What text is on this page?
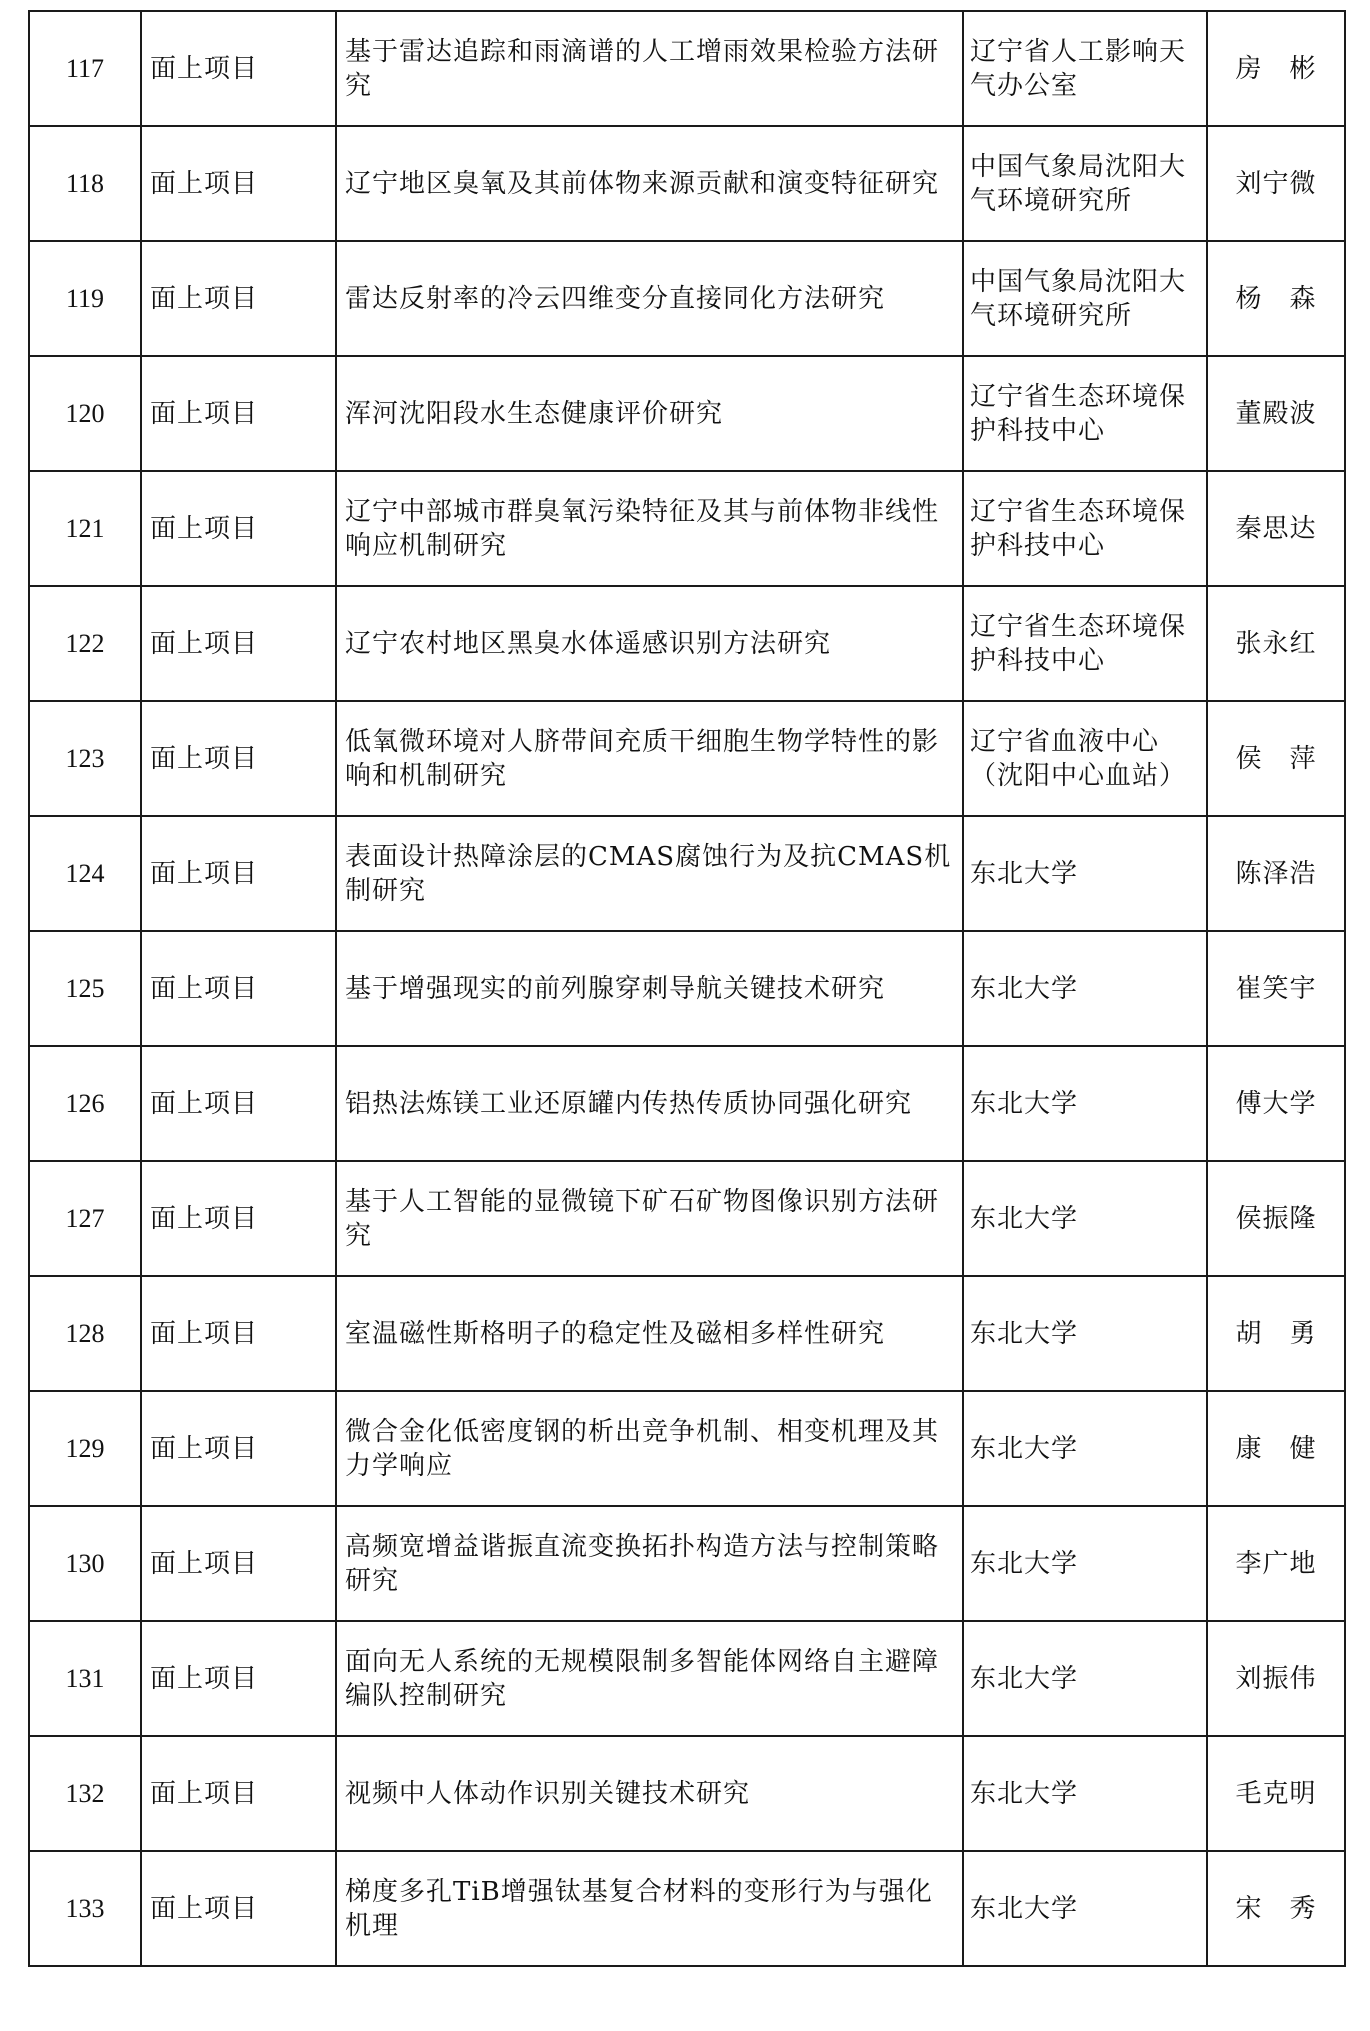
117	面上项目	基于雷达追踪和雨滴谱的人工增雨效果检验方法研究	辽宁省人工影响天气办公室	房　彬
118	面上项目	辽宁地区臭氧及其前体物来源贡献和演变特征研究	中国气象局沈阳大气环境研究所	刘宁微
119	面上项目	雷达反射率的冷云四维变分直接同化方法研究	中国气象局沈阳大气环境研究所	杨　森
120	面上项目	浑河沈阳段水生态健康评价研究	辽宁省生态环境保护科技中心	董殿波
121	面上项目	辽宁中部城市群臭氧污染特征及其与前体物非线性响应机制研究	辽宁省生态环境保护科技中心	秦思达
122	面上项目	辽宁农村地区黑臭水体遥感识别方法研究	辽宁省生态环境保护科技中心	张永红
123	面上项目	低氧微环境对人脐带间充质干细胞生物学特性的影响和机制研究	辽宁省血液中心（沈阳中心血站）	侯　萍
124	面上项目	表面设计热障涂层的CMAS腐蚀行为及抗CMAS机制研究	东北大学	陈泽浩
125	面上项目	基于增强现实的前列腺穿刺导航关键技术研究	东北大学	崔笑宇
126	面上项目	铝热法炼镁工业还原罐内传热传质协同强化研究	东北大学	傅大学
127	面上项目	基于人工智能的显微镜下矿石矿物图像识别方法研究	东北大学	侯振隆
128	面上项目	室温磁性斯格明子的稳定性及磁相多样性研究	东北大学	胡　勇
129	面上项目	微合金化低密度钢的析出竞争机制、相变机理及其力学响应	东北大学	康　健
130	面上项目	高频宽增益谐振直流变换拓扑构造方法与控制策略研究	东北大学	李广地
131	面上项目	面向无人系统的无规模限制多智能体网络自主避障编队控制研究	东北大学	刘振伟
132	面上项目	视频中人体动作识别关键技术研究	东北大学	毛克明
133	面上项目	梯度多孔TiB增强钛基复合材料的变形行为与强化机理	东北大学	宋　秀
